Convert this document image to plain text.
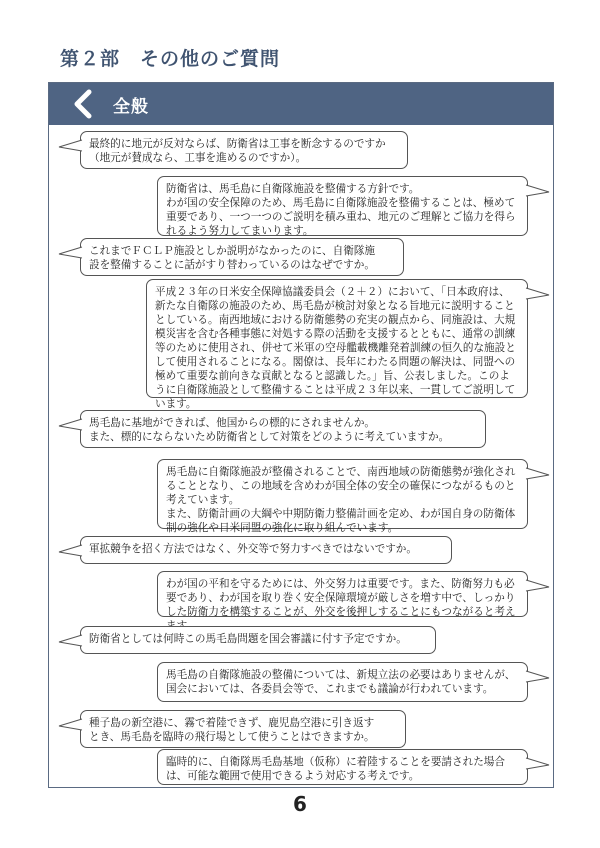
第２部　その他のご質問
全般
最終的に地元が反対ならば、防衛省は工事を断念するのですか
（地元が賛成なら、工事を進めるのですか）。
防衛省は、馬毛島に自衛隊施設を整備する方針です。
わが国の安全保障のため、馬毛島に自衛隊施設を整備することは、極めて重要であり、一つ一つのご説明を積み重ね、地元のご理解とご協力を得られるよう努力してまいります。
これまでＦＣＬＰ施設としか説明がなかったのに、自衛隊施
設を整備することに話がすり替わっているのはなぜですか。
平成２３年の日米安全保障協議委員会（２＋２）において、「日本政府は、新たな自衛隊の施設のため、馬毛島が検討対象となる旨地元に説明することとしている。南西地域における防衛態勢の充実の観点から、同施設は、大規模災害を含む各種事態に対処する際の活動を支援するとともに、通常の訓練等のために使用され、併せて米軍の空母艦載機離発着訓練の恒久的な施設として使用されることになる。閣僚は、長年にわたる問題の解決は、同盟への極めて重要な前向きな貢献となると認識した。」旨、公表しました。このように自衛隊施設として整備することは平成２３年以来、一貫してご説明しています。
馬毛島に基地ができれば、他国からの標的にされませんか。
また、標的にならないため防衛省として対策をどのように考えていますか。
馬毛島に自衛隊施設が整備されることで、南西地域の防衛態勢が強化されることとなり、この地域を含めわが国全体の安全の確保につながるものと考えています。
また、防衛計画の大綱や中期防衛力整備計画を定め、わが国自身の防衛体制の強化や日米同盟の強化に取り組んでいます。
軍拡競争を招く方法ではなく、外交等で努力すべきではないですか。
わが国の平和を守るためには、外交努力は重要です。また、防衛努力も必要であり、わが国を取り巻く安全保障環境が厳しさを増す中で、しっかりした防衛力を構築することが、外交を後押しすることにもつながると考え
防衛省としては何時この馬毛島問題を国会審議に付す予定ですか。
馬毛島の自衛隊施設の整備については、新規立法の必要はありませんが、国会においては、各委員会等で、これまでも議論が行われています。
種子島の新空港に、霧で着陸できず、鹿児島空港に引き返す
とき、馬毛島を臨時の飛行場として使うことはできますか。
臨時的に、自衛隊馬毛島基地（仮称）に着陸することを要請された場合は、可能な範囲で使用できるよう対応する考えです。
6
